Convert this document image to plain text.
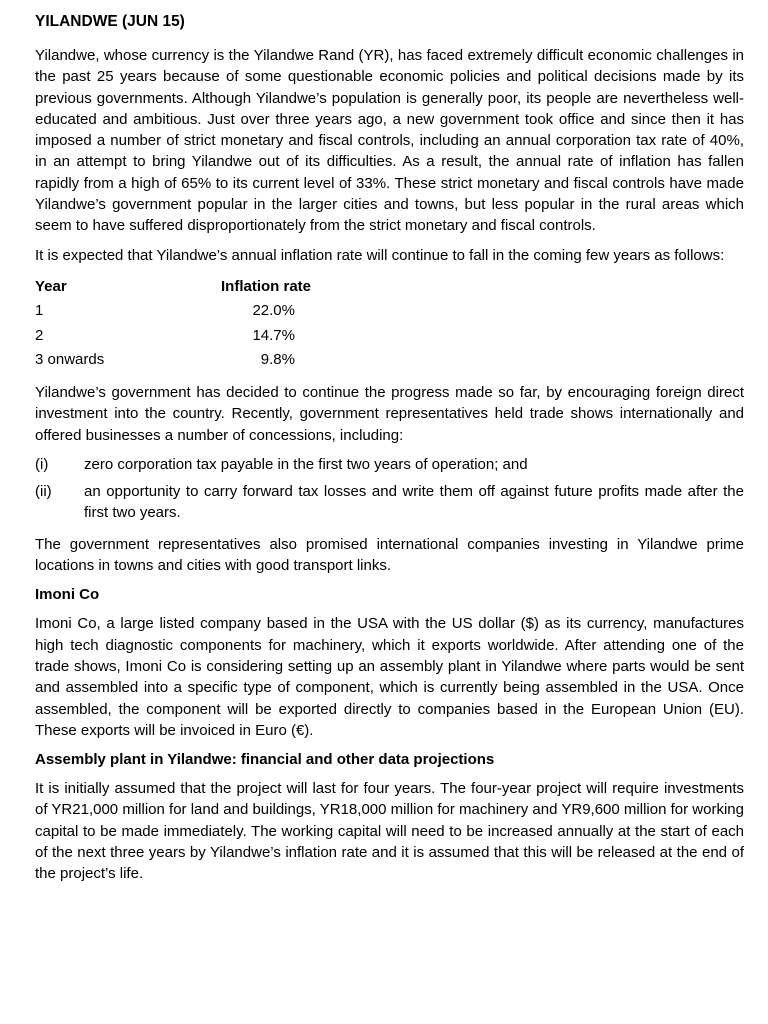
YILANDWE (JUN 15)

Yilandwe, whose currency is the Yilandwe Rand (YR), has faced extremely difficult economic challenges in the past 25 years because of some questionable economic policies and political decisions made by its previous governments. Although Yilandwe’s population is generally poor, its people are nevertheless well-educated and ambitious. Just over three years ago, a new government took office and since then it has imposed a number of strict monetary and fiscal controls, including an annual corporation tax rate of 40%, in an attempt to bring Yilandwe out of its difficulties. As a result, the annual rate of inflation has fallen rapidly from a high of 65% to its current level of 33%. These strict monetary and fiscal controls have made Yilandwe’s government popular in the larger cities and towns, but less popular in the rural areas which seem to have suffered disproportionately from the strict monetary and fiscal controls.

It is expected that Yilandwe’s annual inflation rate will continue to fall in the coming few years as follows:

Year	Inflation rate
1	22.0%
2	14.7%
3 onwards	9.8%

Yilandwe’s government has decided to continue the progress made so far, by encouraging foreign direct investment into the country. Recently, government representatives held trade shows internationally and offered businesses a number of concessions, including:

(i)	zero corporation tax payable in the first two years of operation; and
(ii)	an opportunity to carry forward tax losses and write them off against future profits made after the first two years.

The government representatives also promised international companies investing in Yilandwe prime locations in towns and cities with good transport links.

Imoni Co

Imoni Co, a large listed company based in the USA with the US dollar ($) as its currency, manufactures high tech diagnostic components for machinery, which it exports worldwide. After attending one of the trade shows, Imoni Co is considering setting up an assembly plant in Yilandwe where parts would be sent and assembled into a specific type of component, which is currently being assembled in the USA. Once assembled, the component will be exported directly to companies based in the European Union (EU). These exports will be invoiced in Euro (€).

Assembly plant in Yilandwe: financial and other data projections

It is initially assumed that the project will last for four years. The four-year project will require investments of YR21,000 million for land and buildings, YR18,000 million for machinery and YR9,600 million for working capital to be made immediately. The working capital will need to be increased annually at the start of each of the next three years by Yilandwe’s inflation rate and it is assumed that this will be released at the end of the project’s life.
